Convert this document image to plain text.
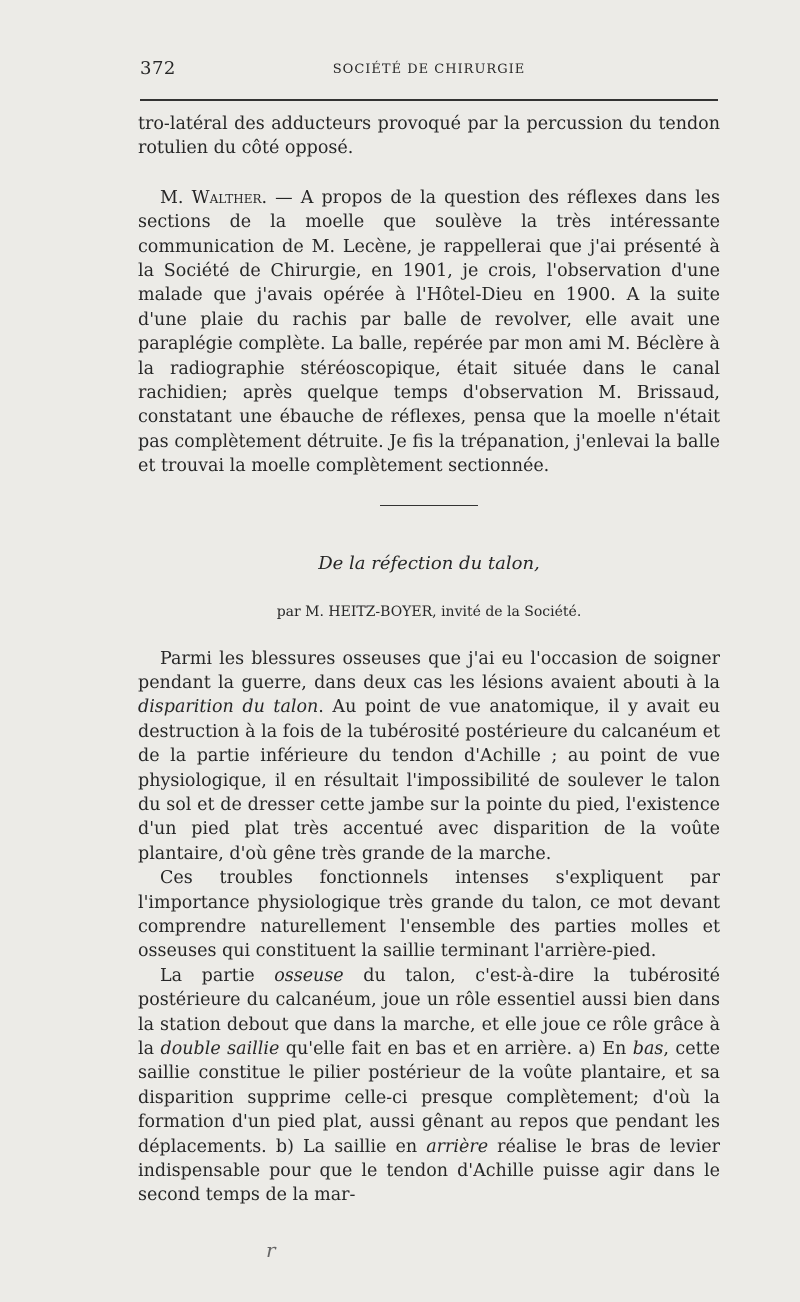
372	SOCIÉTÉ DE CHIRURGIE

tro-latéral des adducteurs provoqué par la percussion du tendon rotulien du côté opposé.

M. Walther. — A propos de la question des réflexes dans les sections de la moelle que soulève la très intéressante communication de M. Lecène, je rappellerai que j'ai présenté à la Société de Chirurgie, en 1901, je crois, l'observation d'une malade que j'avais opérée à l'Hôtel-Dieu en 1900. A la suite d'une plaie du rachis par balle de revolver, elle avait une paraplégie complète. La balle, repérée par mon ami M. Béclère à la radiographie stéréoscopique, était située dans le canal rachidien; après quelque temps d'observation M. Brissaud, constatant une ébauche de réflexes, pensa que la moelle n'était pas complètement détruite. Je fis la trépanation, j'enlevai la balle et trouvai la moelle complètement sectionnée.

De la réfection du talon,

par M. HEITZ-BOYER, invité de la Société.

Parmi les blessures osseuses que j'ai eu l'occasion de soigner pendant la guerre, dans deux cas les lésions avaient abouti à la disparition du talon. Au point de vue anatomique, il y avait eu destruction à la fois de la tubérosité postérieure du calcanéum et de la partie inférieure du tendon d'Achille ; au point de vue physiologique, il en résultait l'impossibilité de soulever le talon du sol et de dresser cette jambe sur la pointe du pied, l'existence d'un pied plat très accentué avec disparition de la voûte plantaire, d'où gêne très grande de la marche.

Ces troubles fonctionnels intenses s'expliquent par l'importance physiologique très grande du talon, ce mot devant comprendre naturellement l'ensemble des parties molles et osseuses qui constituent la saillie terminant l'arrière-pied.

La partie osseuse du talon, c'est-à-dire la tubérosité postérieure du calcanéum, joue un rôle essentiel aussi bien dans la station debout que dans la marche, et elle joue ce rôle grâce à la double saillie qu'elle fait en bas et en arrière. a) En bas, cette saillie constitue le pilier postérieur de la voûte plantaire, et sa disparition supprime celle-ci presque complètement; d'où la formation d'un pied plat, aussi gênant au repos que pendant les déplacements. b) La saillie en arrière réalise le bras de levier indispensable pour que le tendon d'Achille puisse agir dans le second temps de la mar-

r
